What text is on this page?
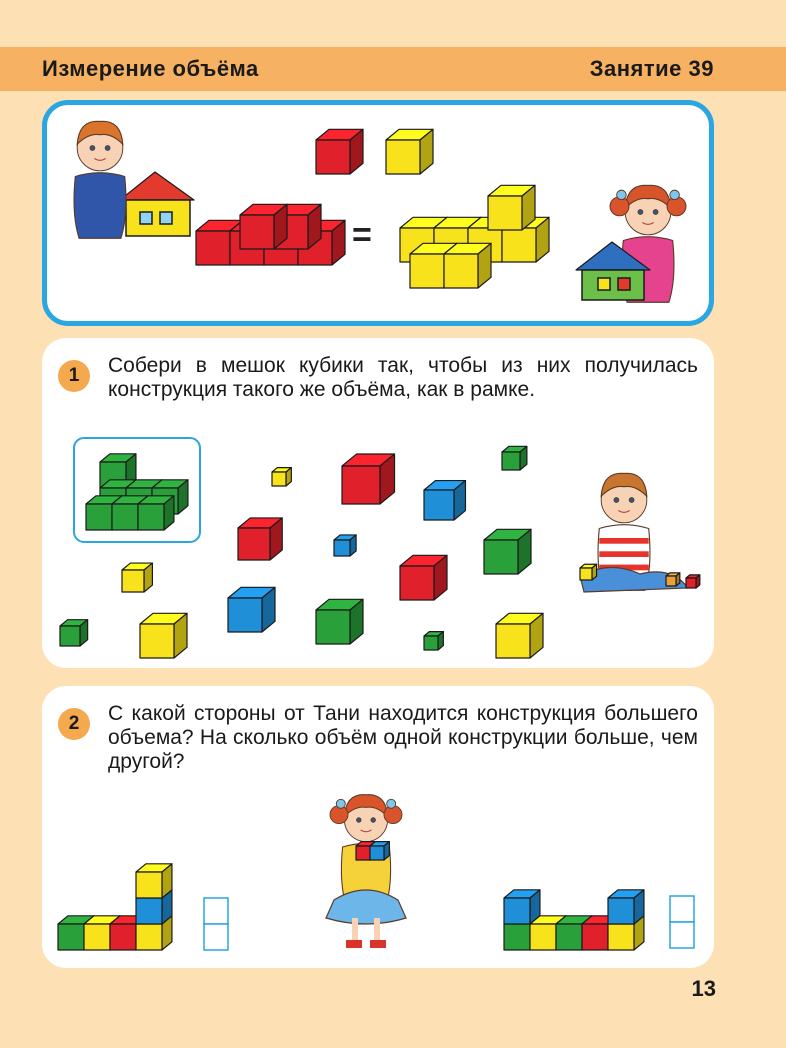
Измерение объёма	Занятие 39
=
1	Собери в мешок кубики так, чтобы из них получилась конструкция такого же объёма, как в рамке.
2	С какой стороны от Тани находится конструкция большего объема? На сколько объём одной конструкции больше, чем другой?
13
